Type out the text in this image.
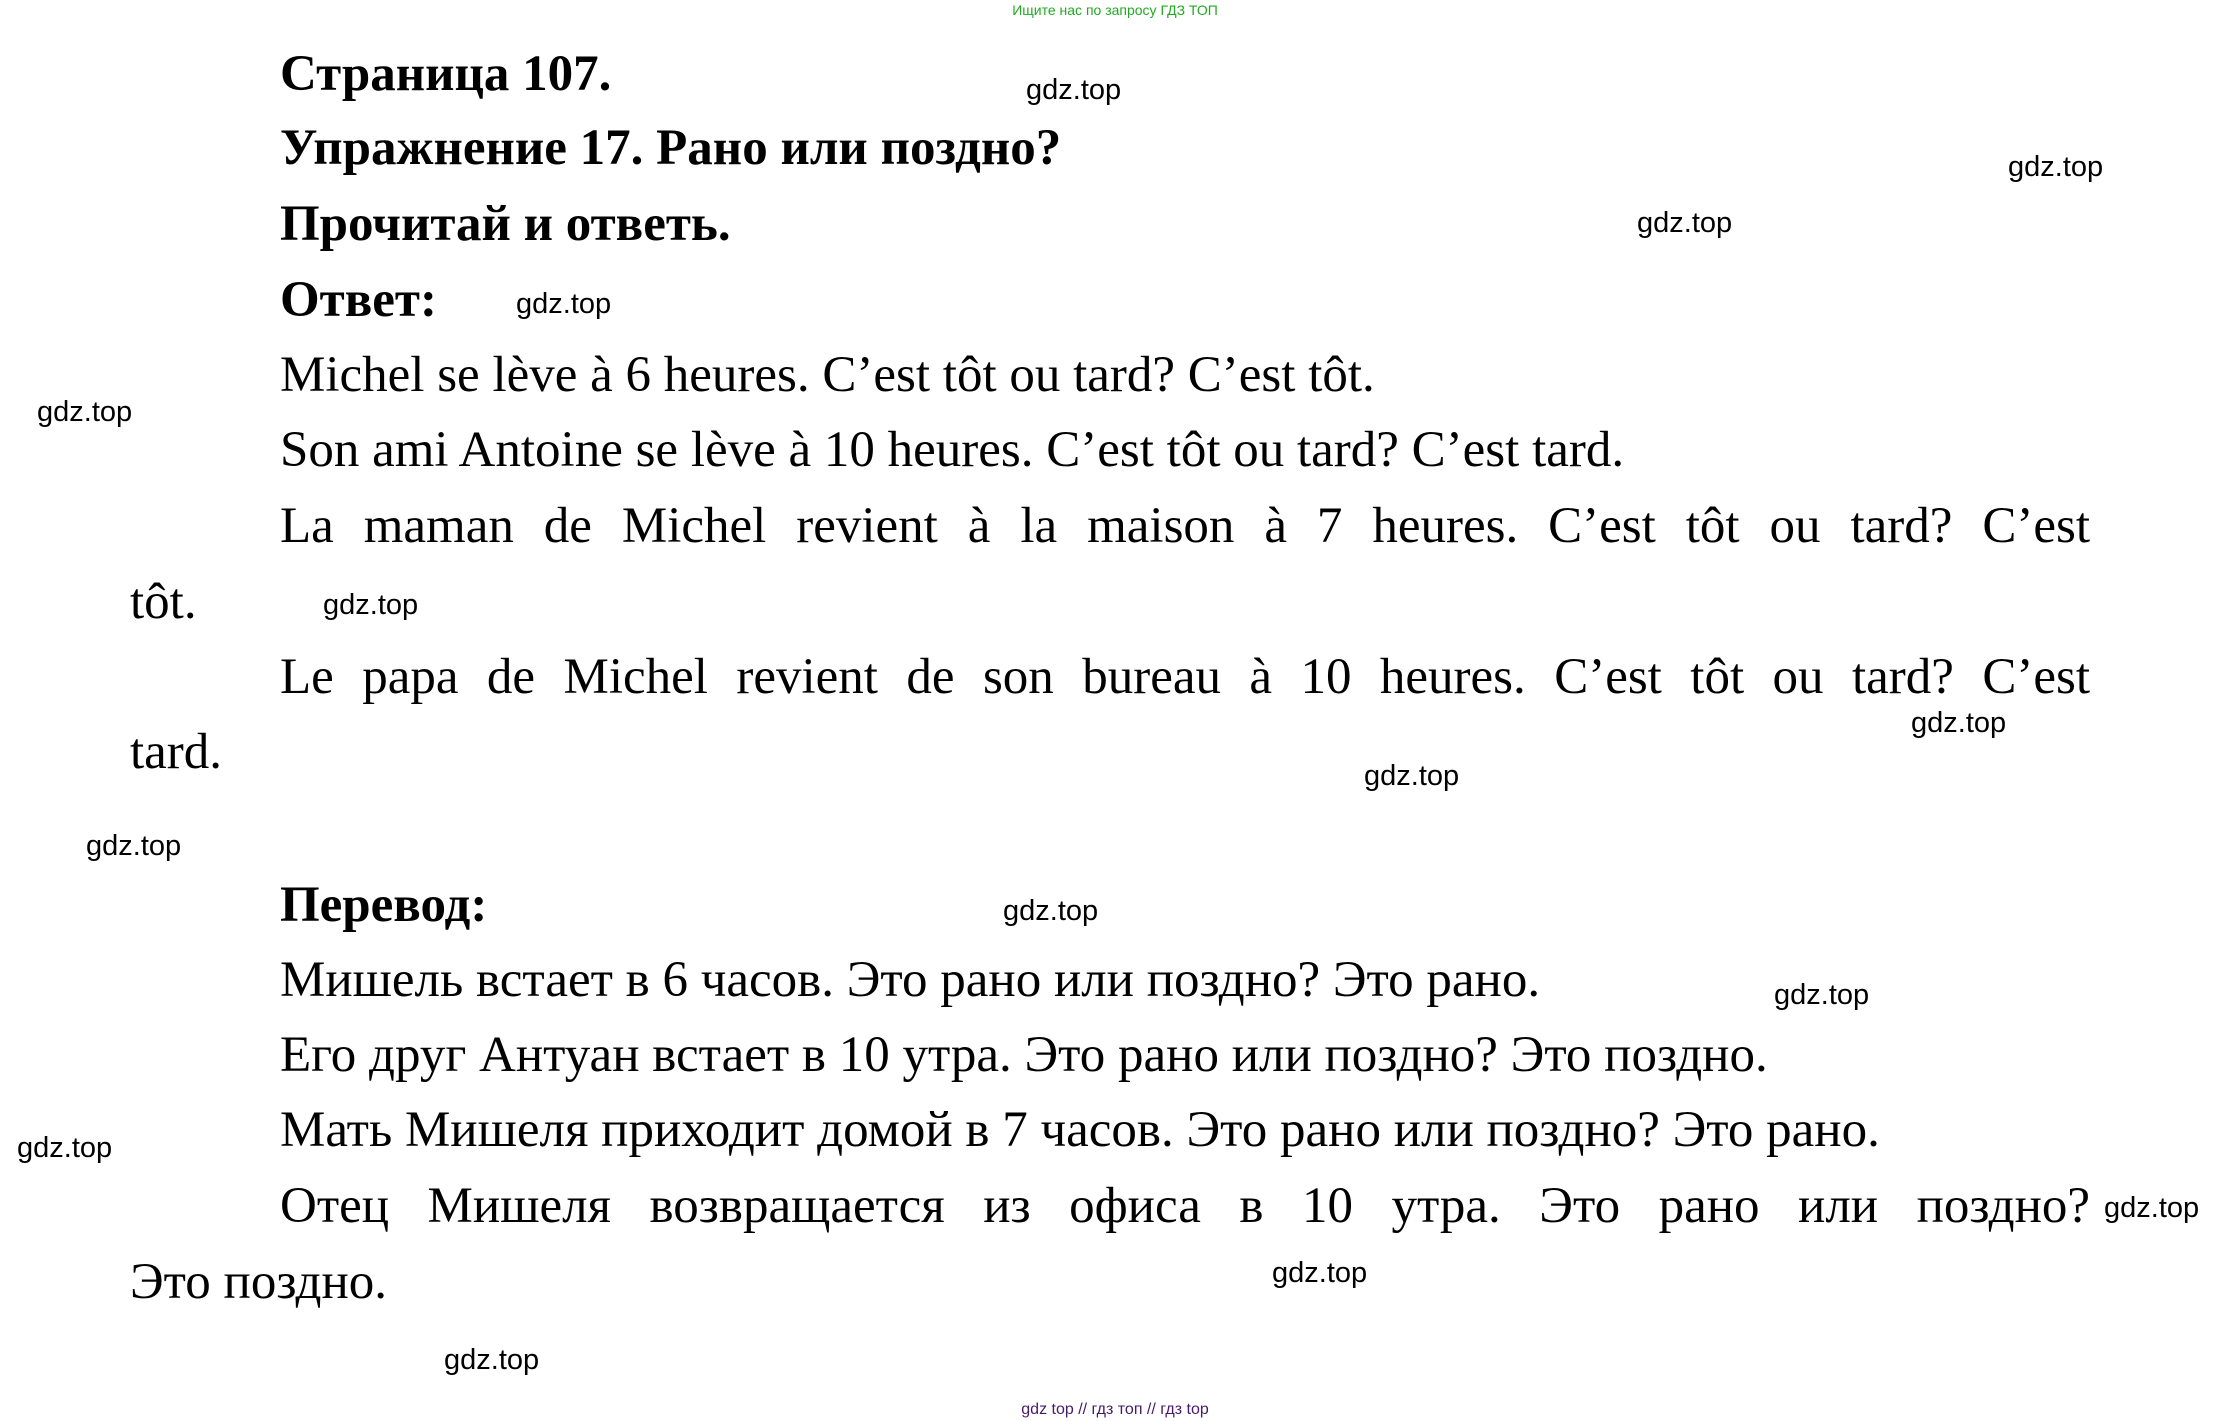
Ищите нас по запросу ГДЗ ТОП
Страница 107.
Упражнение 17. Рано или поздно?
Прочитай и ответь.
Ответ:
Michel se lève à 6 heures. C’est tôt ou tard? C’est tôt.
Son ami Antoine se lève à 10 heures. C’est tôt ou tard? C’est tard.
La maman de Michel revient à la maison à 7 heures. C’est tôt ou tard? C’est
tôt.
Le papa de Michel revient de son bureau à 10 heures. C’est tôt ou tard? C’est
tard.
Перевод:
Мишель встает в 6 часов. Это рано или поздно? Это рано.
Его друг Антуан встает в 10 утра. Это рано или поздно? Это поздно.
Мать Мишеля приходит домой в 7 часов. Это рано или поздно? Это рано.
Отец Мишеля возвращается из офиса в 10 утра. Это рано или поздно?
Это поздно.
gdz.top
gdz.top
gdz.top
gdz.top
gdz.top
gdz.top
gdz.top
gdz.top
gdz.top
gdz.top
gdz.top
gdz.top
gdz.top
gdz.top
gdz.top
gdz top // гдз топ // гдз top
